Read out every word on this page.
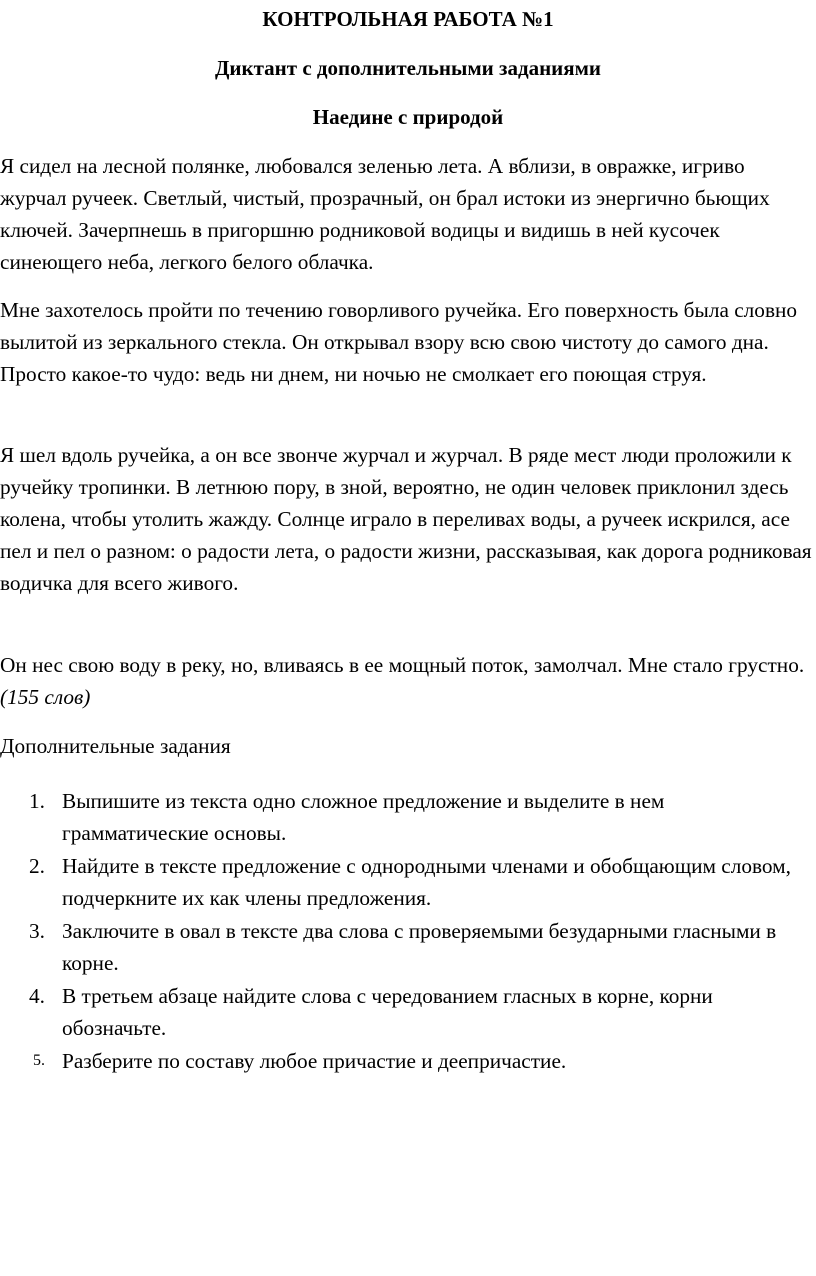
КОНТРОЛЬНАЯ РАБОТА №1
Диктант с дополнительными заданиями
Наедине с природой

Я сидел на лесной полянке, любовался зеленью лета. А вблизи, в овражке, игриво журчал ручеек. Светлый, чистый, прозрачный, он брал истоки из энергично бьющих ключей. Зачерпнешь в пригоршню родниковой водицы и видишь в ней кусочек синеющего неба, легкого белого облачка.

Мне захотелось пройти по течению говорливого ручейка. Его поверхность была словно вылитой из зеркального стекла. Он открывал взору всю свою чистоту до самого дна. Просто какое-то чудо: ведь ни днем, ни ночью не смолкает его поющая струя.

Я шел вдоль ручейка, а он все звонче журчал и журчал. В ряде мест люди проложили к ручейку тропинки. В летнюю пору, в зной, вероятно, не один человек приклонил здесь колена, чтобы утолить жажду. Солнце играло в переливах воды, а ручеек искрился, асе пел и пел о разном: о радости лета, о радости жизни, рассказывая, как дорога родниковая водичка для всего живого.

Он нес свою воду в реку, но, вливаясь в ее мощный поток, замолчал. Мне стало грустно. (155 слов)

Дополнительные задания

1. Выпишите из текста одно сложное предложение и выделите в нем грамматические основы.
2. Найдите в тексте предложение с однородными членами и обобщающим словом, подчеркните их как члены предложения.
3. Заключите в овал в тексте два слова с проверяемыми безударными гласными в корне.
4. В третьем абзаце найдите слова с чередованием гласных в корне, корни обозначьте.
5. Разберите по составу любое причастие и деепричастие.
